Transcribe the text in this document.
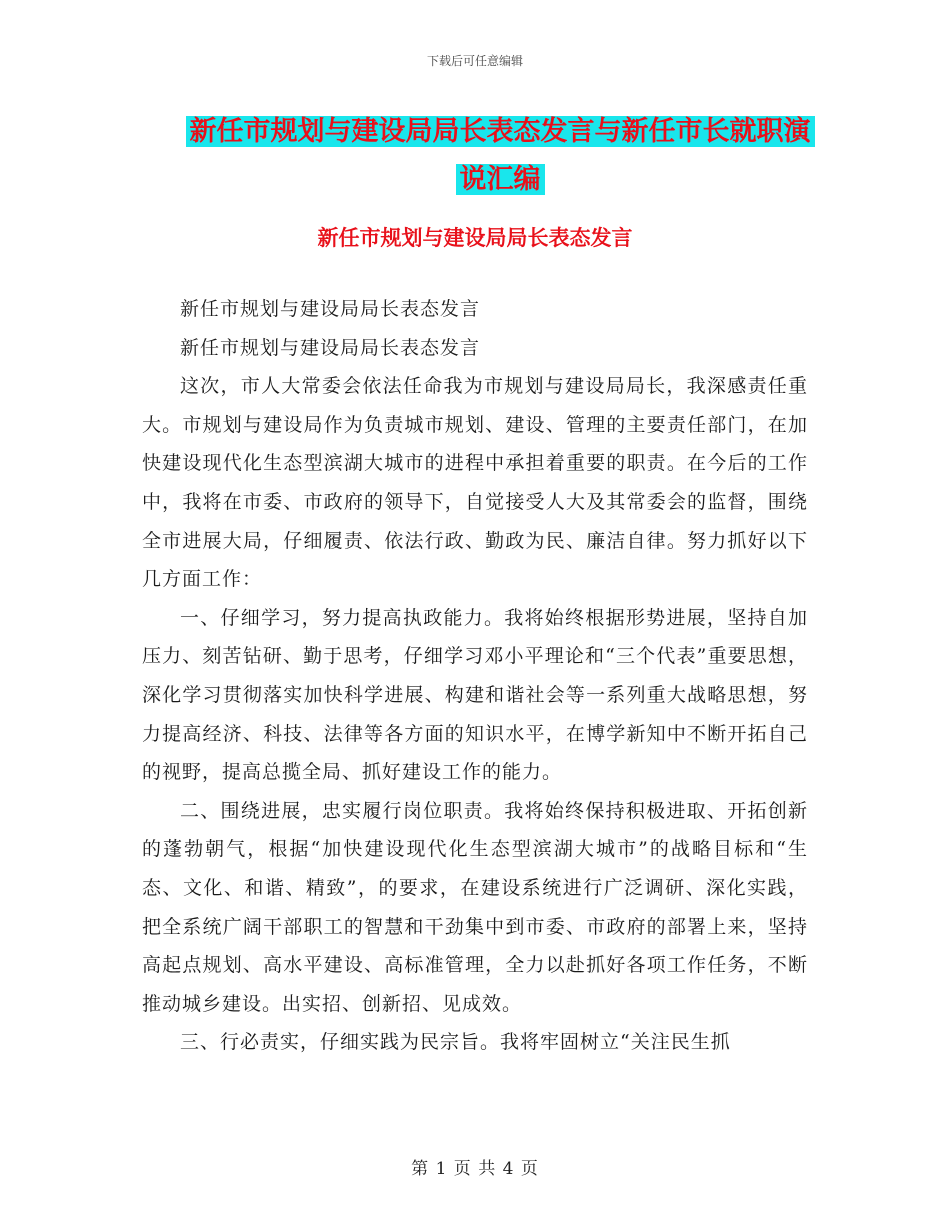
下载后可任意编辑
新任市规划与建设局局长表态发言与新任市长就职演
说汇编
新任市规划与建设局局长表态发言

新任市规划与建设局局长表态发言

新任市规划与建设局局长表态发言

这次，市人大常委会依法任命我为市规划与建设局局长，我深感责任重大。市规划与建设局作为负责城市规划、建设、管理的主要责任部门，在加快建设现代化生态型滨湖大城市的进程中承担着重要的职责。在今后的工作中，我将在市委、市政府的领导下，自觉接受人大及其常委会的监督，围绕全市进展大局，仔细履责、依法行政、勤政为民、廉洁自律。努力抓好以下几方面工作：

一、仔细学习，努力提高执政能力。我将始终根据形势进展，坚持自加压力、刻苦钻研、勤于思考，仔细学习邓小平理论和“三个代表”重要思想，深化学习贯彻落实加快科学进展、构建和谐社会等一系列重大战略思想，努力提高经济、科技、法律等各方面的知识水平，在博学新知中不断开拓自己的视野，提高总揽全局、抓好建设工作的能力。

二、围绕进展，忠实履行岗位职责。我将始终保持积极进取、开拓创新的蓬勃朝气，根据“加快建设现代化生态型滨湖大城市”的战略目标和“生态、文化、和谐、精致”，的要求，在建设系统进行广泛调研、深化实践，把全系统广阔干部职工的智慧和干劲集中到市委、市政府的部署上来，坚持高起点规划、高水平建设、高标准管理，全力以赴抓好各项工作任务，不断推动城乡建设。出实招、创新招、见成效。

三、行必责实，仔细实践为民宗旨。我将牢固树立“关注民生抓

第 1 页 共 4 页
